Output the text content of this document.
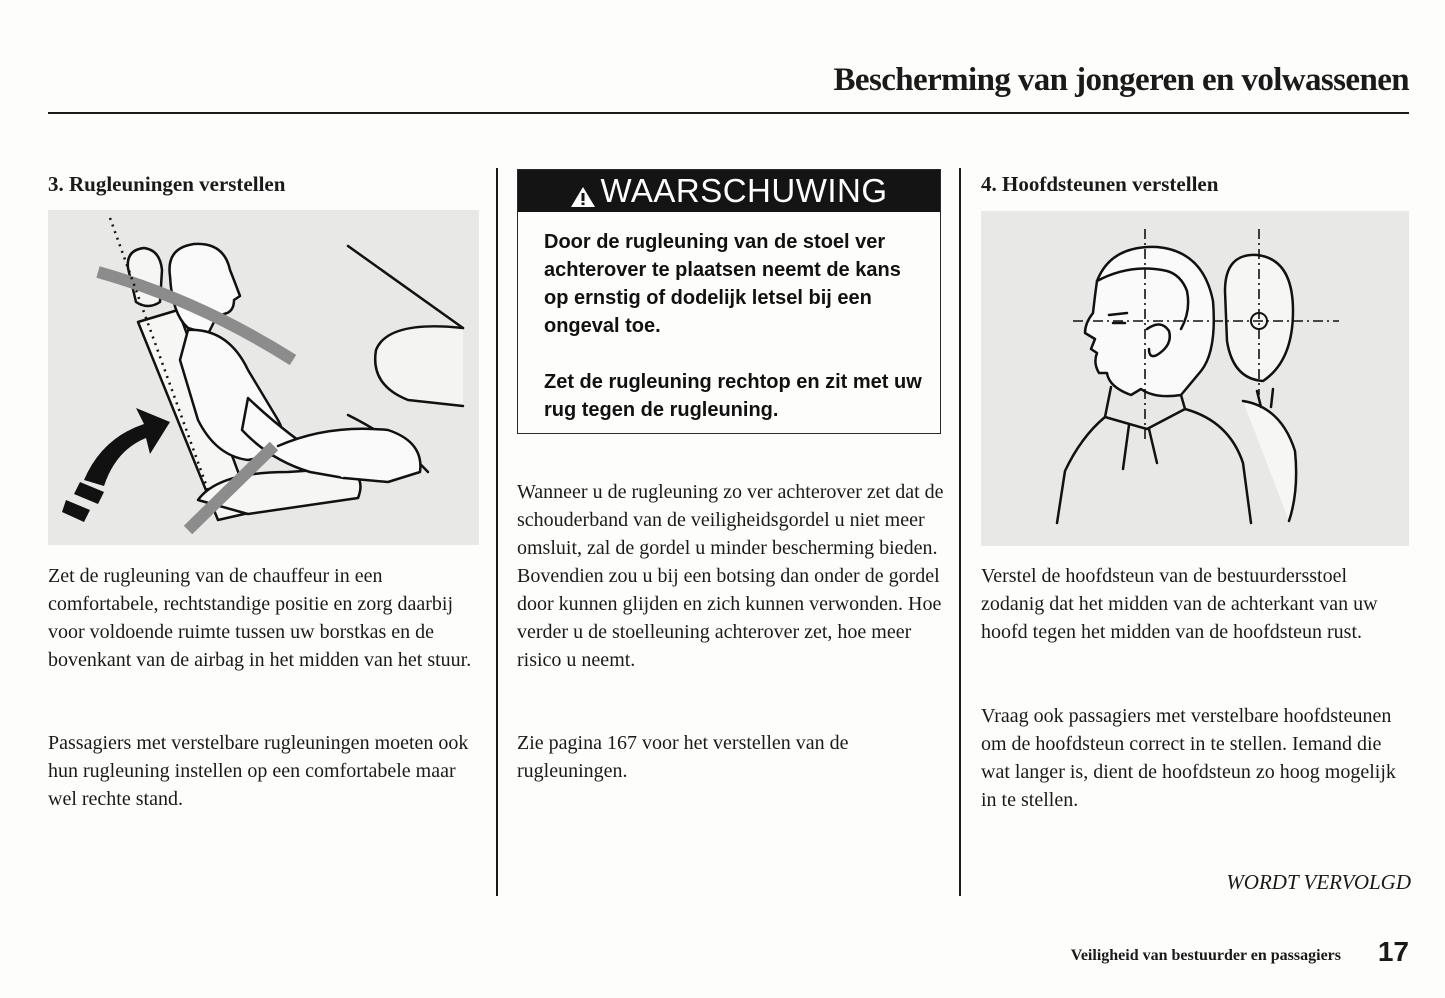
Bescherming van jongeren en volwassenen
3. Rugleuningen verstellen

Zet de rugleuning van de chauffeur in een comfortabele, rechtstandige positie en zorg daarbij voor voldoende ruimte tussen uw borstkas en de bovenkant van de airbag in het midden van het stuur.

Passagiers met verstelbare rugleuningen moeten ook hun rugleuning instellen op een comfortabele maar wel rechte stand.

WAARSCHUWING

Door de rugleuning van de stoel ver achterover te plaatsen neemt de kans op ernstig of dodelijk letsel bij een ongeval toe.

Zet de rugleuning rechtop en zit met uw rug tegen de rugleuning.

Wanneer u de rugleuning zo ver achterover zet dat de schouderband van de veiligheidsgordel u niet meer omsluit, zal de gordel u minder bescherming bieden. Bovendien zou u bij een botsing dan onder de gordel door kunnen glijden en zich kunnen verwonden. Hoe verder u de stoelleuning achterover zet, hoe meer risico u neemt.

Zie pagina 167 voor het verstellen van de rugleuningen.

4. Hoofdsteunen verstellen

Verstel de hoofdsteun van de bestuurdersstoel zodanig dat het midden van de achterkant van uw hoofd tegen het midden van de hoofdsteun rust.

Vraag ook passagiers met verstelbare hoofdsteunen om de hoofdsteun correct in te stellen. Iemand die wat langer is, dient de hoofdsteun zo hoog mogelijk in te stellen.

WORDT VERVOLGD
Veiligheid van bestuurder en passagiers 17
